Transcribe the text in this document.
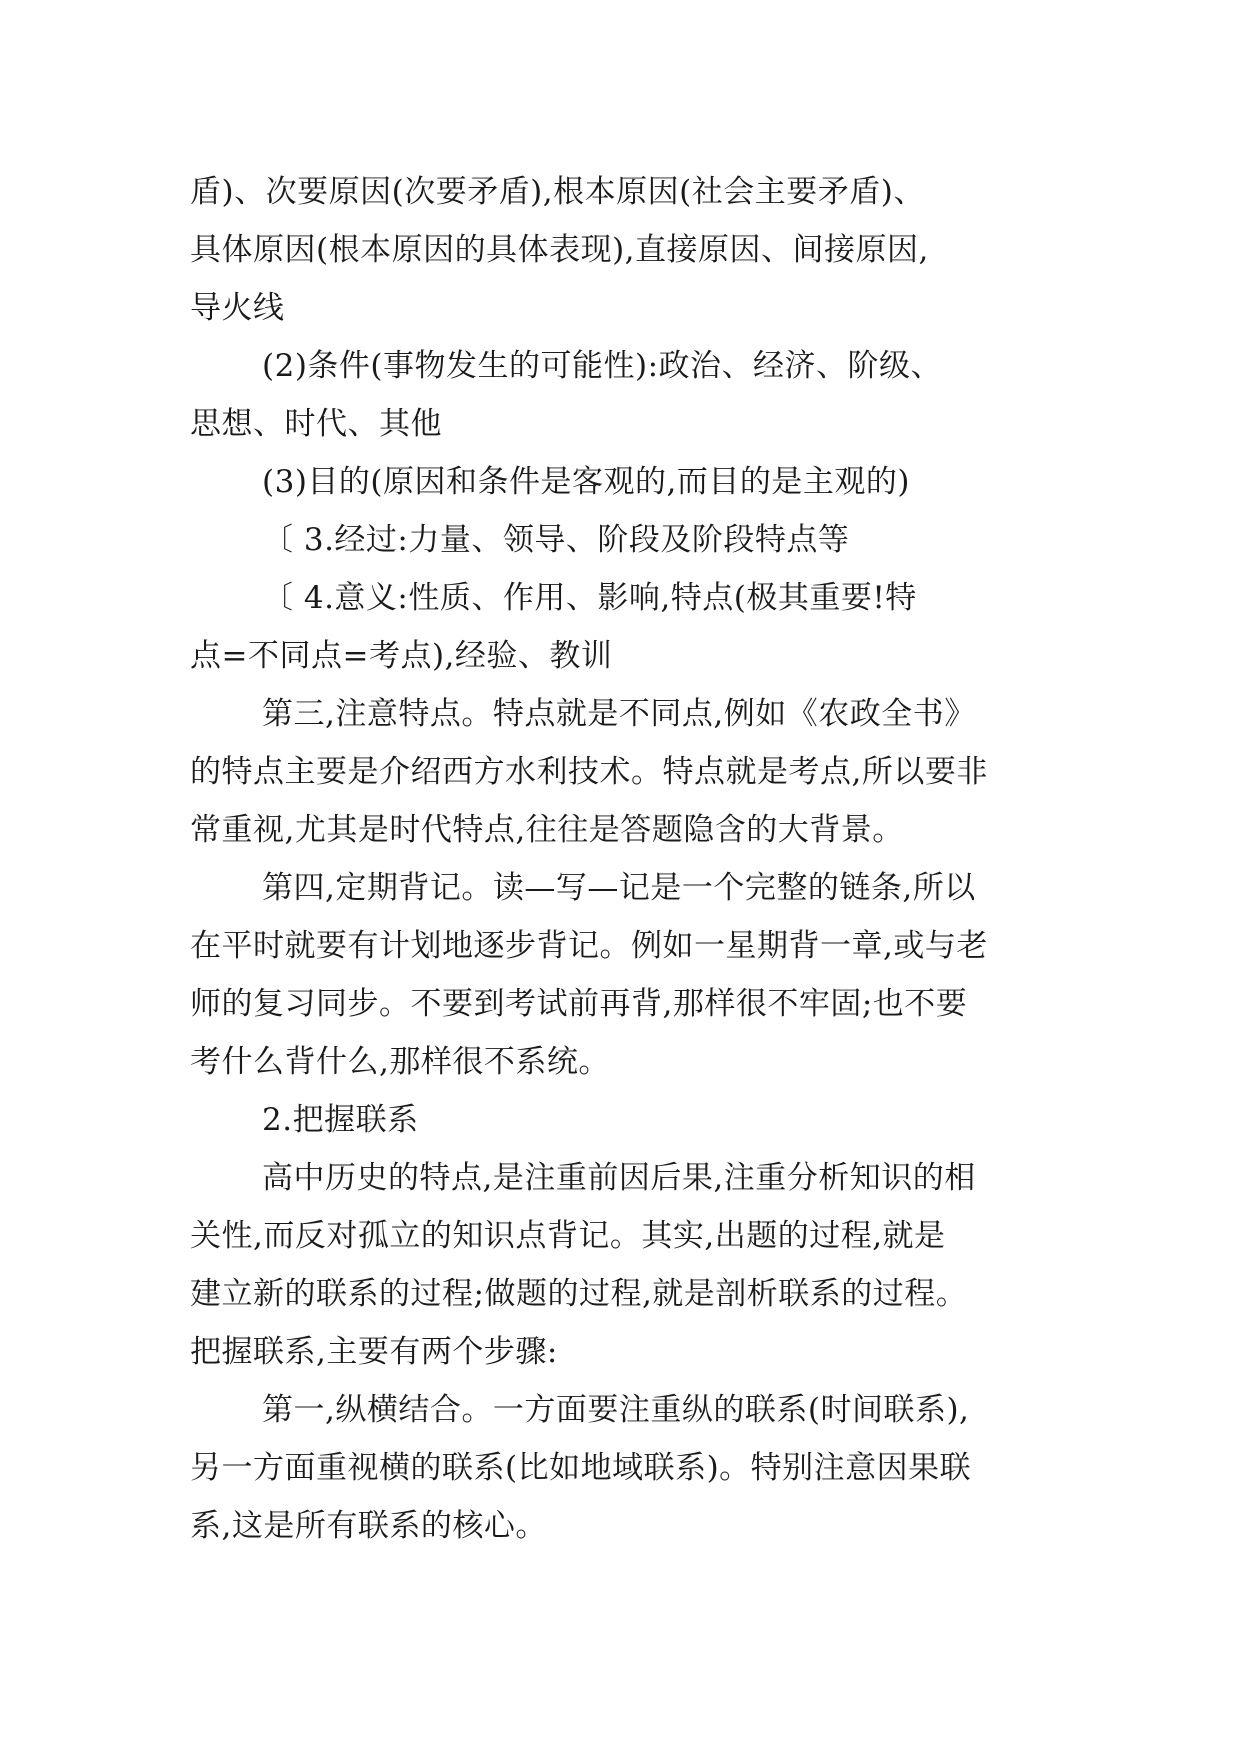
盾)、次要原因(次要矛盾),根本原因(社会主要矛盾)、
具体原因(根本原因的具体表现),直接原因、间接原因,
导火线
(2)条件(事物发生的可能性):政治、经济、阶级、
思想、时代、其他
(3)目的(原因和条件是客观的,而目的是主观的)
〔 3.经过:力量、领导、阶段及阶段特点等
〔 4.意义:性质、作用、影响,特点(极其重要!特
点=不同点=考点),经验、教训
第三,注意特点。特点就是不同点,例如《农政全书》
的特点主要是介绍西方水利技术。特点就是考点,所以要非
常重视,尤其是时代特点,往往是答题隐含的大背景。
第四,定期背记。读—写—记是一个完整的链条,所以
在平时就要有计划地逐步背记。例如一星期背一章,或与老
师的复习同步。不要到考试前再背,那样很不牢固;也不要
考什么背什么,那样很不系统。
2.把握联系
高中历史的特点,是注重前因后果,注重分析知识的相
关性,而反对孤立的知识点背记。其实,出题的过程,就是
建立新的联系的过程;做题的过程,就是剖析联系的过程。
把握联系,主要有两个步骤:
第一,纵横结合。一方面要注重纵的联系(时间联系),
另一方面重视横的联系(比如地域联系)。特别注意因果联
系,这是所有联系的核心。
